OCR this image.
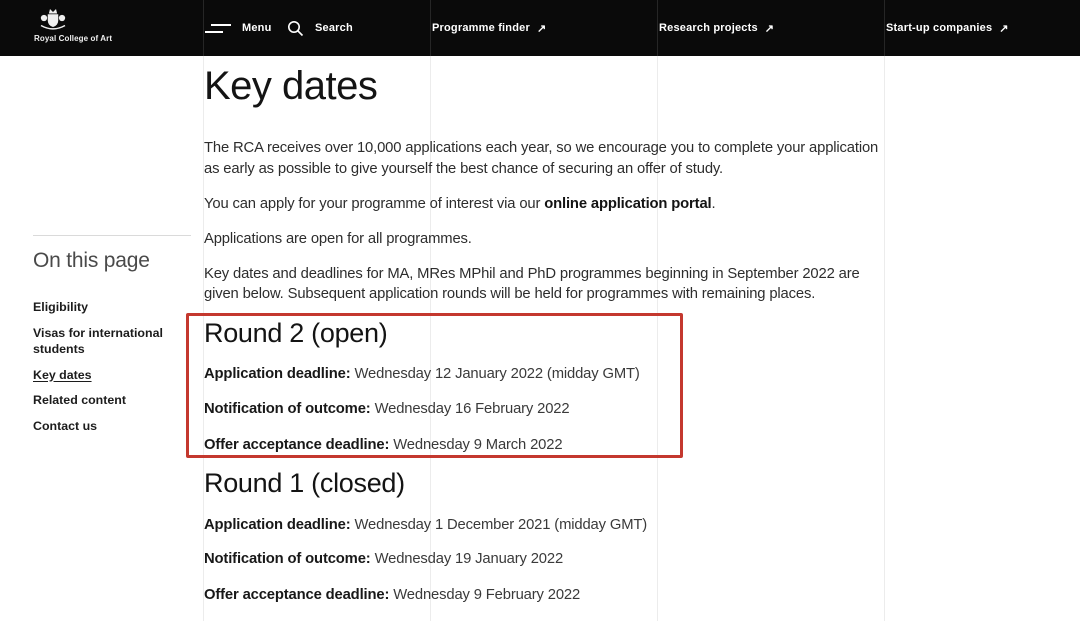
Royal College of Art
Menu	Search	Programme finder ↗	Research projects ↗	Start-up companies ↗
On this page
Eligibility
Visas for international students
Key dates
Related content
Contact us
Key dates

The RCA receives over 10,000 applications each year, so we encourage you to complete your application as early as possible to give yourself the best chance of securing an offer of study.

You can apply for your programme of interest via our online application portal.

Applications are open for all programmes.

Key dates and deadlines for MA, MRes MPhil and PhD programmes beginning in September 2022 are given below. Subsequent application rounds will be held for programmes with remaining places.

Round 2 (open)

Application deadline: Wednesday 12 January 2022 (midday GMT)

Notification of outcome: Wednesday 16 February 2022

Offer acceptance deadline: Wednesday 9 March 2022

Round 1 (closed)

Application deadline: Wednesday 1 December 2021 (midday GMT)

Notification of outcome: Wednesday 19 January 2022

Offer acceptance deadline: Wednesday 9 February 2022
